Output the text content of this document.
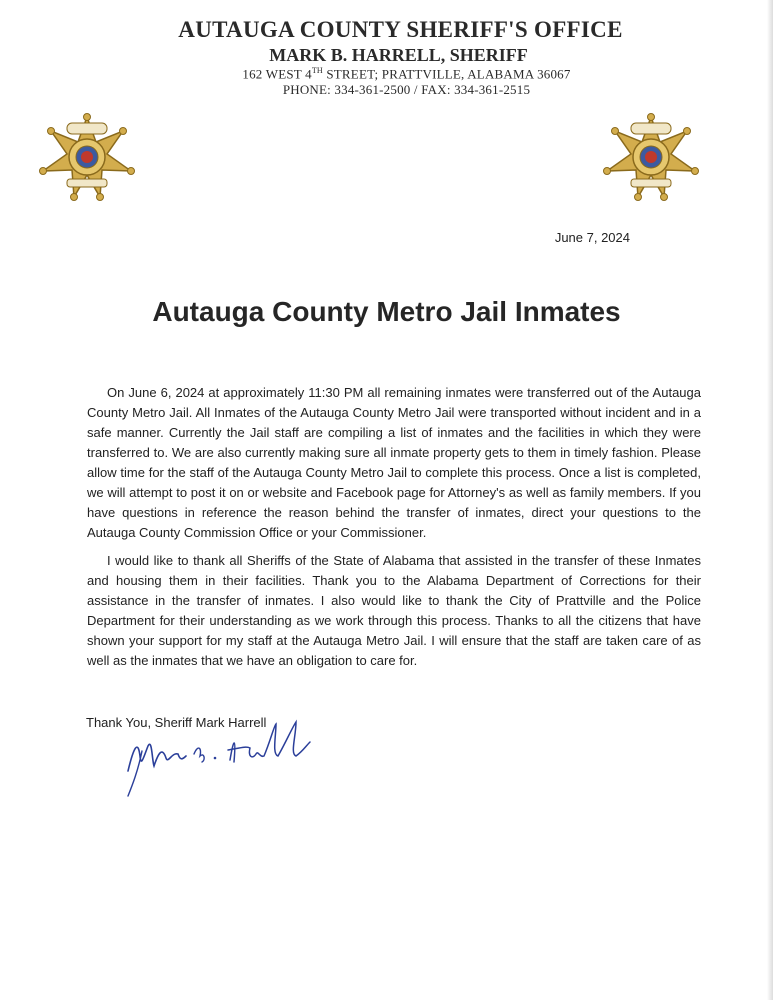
AUTAUGA COUNTY SHERIFF'S OFFICE
MARK B. HARRELL, SHERIFF
162 WEST 4TH STREET; PRATTVILLE, ALABAMA 36067
PHONE: 334-361-2500 / FAX: 334-361-2515
June 7, 2024
Autauga County Metro Jail Inmates

On June 6, 2024 at approximately 11:30 PM all remaining inmates were transferred out of the Autauga County Metro Jail. All Inmates of the Autauga County Metro Jail were transported without incident and in a safe manner. Currently the Jail staff are compiling a list of inmates and the facilities in which they were transferred to. We are also currently making sure all inmate property gets to them in timely fashion. Please allow time for the staff of the Autauga County Metro Jail to complete this process. Once a list is completed, we will attempt to post it on or website and Facebook page for Attorney's as well as family members. If you have questions in reference the reason behind the transfer of inmates, direct your questions to the Autauga County Commission Office or your Commissioner.

I would like to thank all Sheriffs of the State of Alabama that assisted in the transfer of these Inmates and housing them in their facilities. Thank you to the Alabama Department of Corrections for their assistance in the transfer of inmates. I also would like to thank the City of Prattville and the Police Department for their understanding as we work through this process. Thanks to all the citizens that have shown your support for my staff at the Autauga Metro Jail. I will ensure that the staff are taken care of as well as the inmates that we have an obligation to care for.

Thank You, Sheriff Mark Harrell
